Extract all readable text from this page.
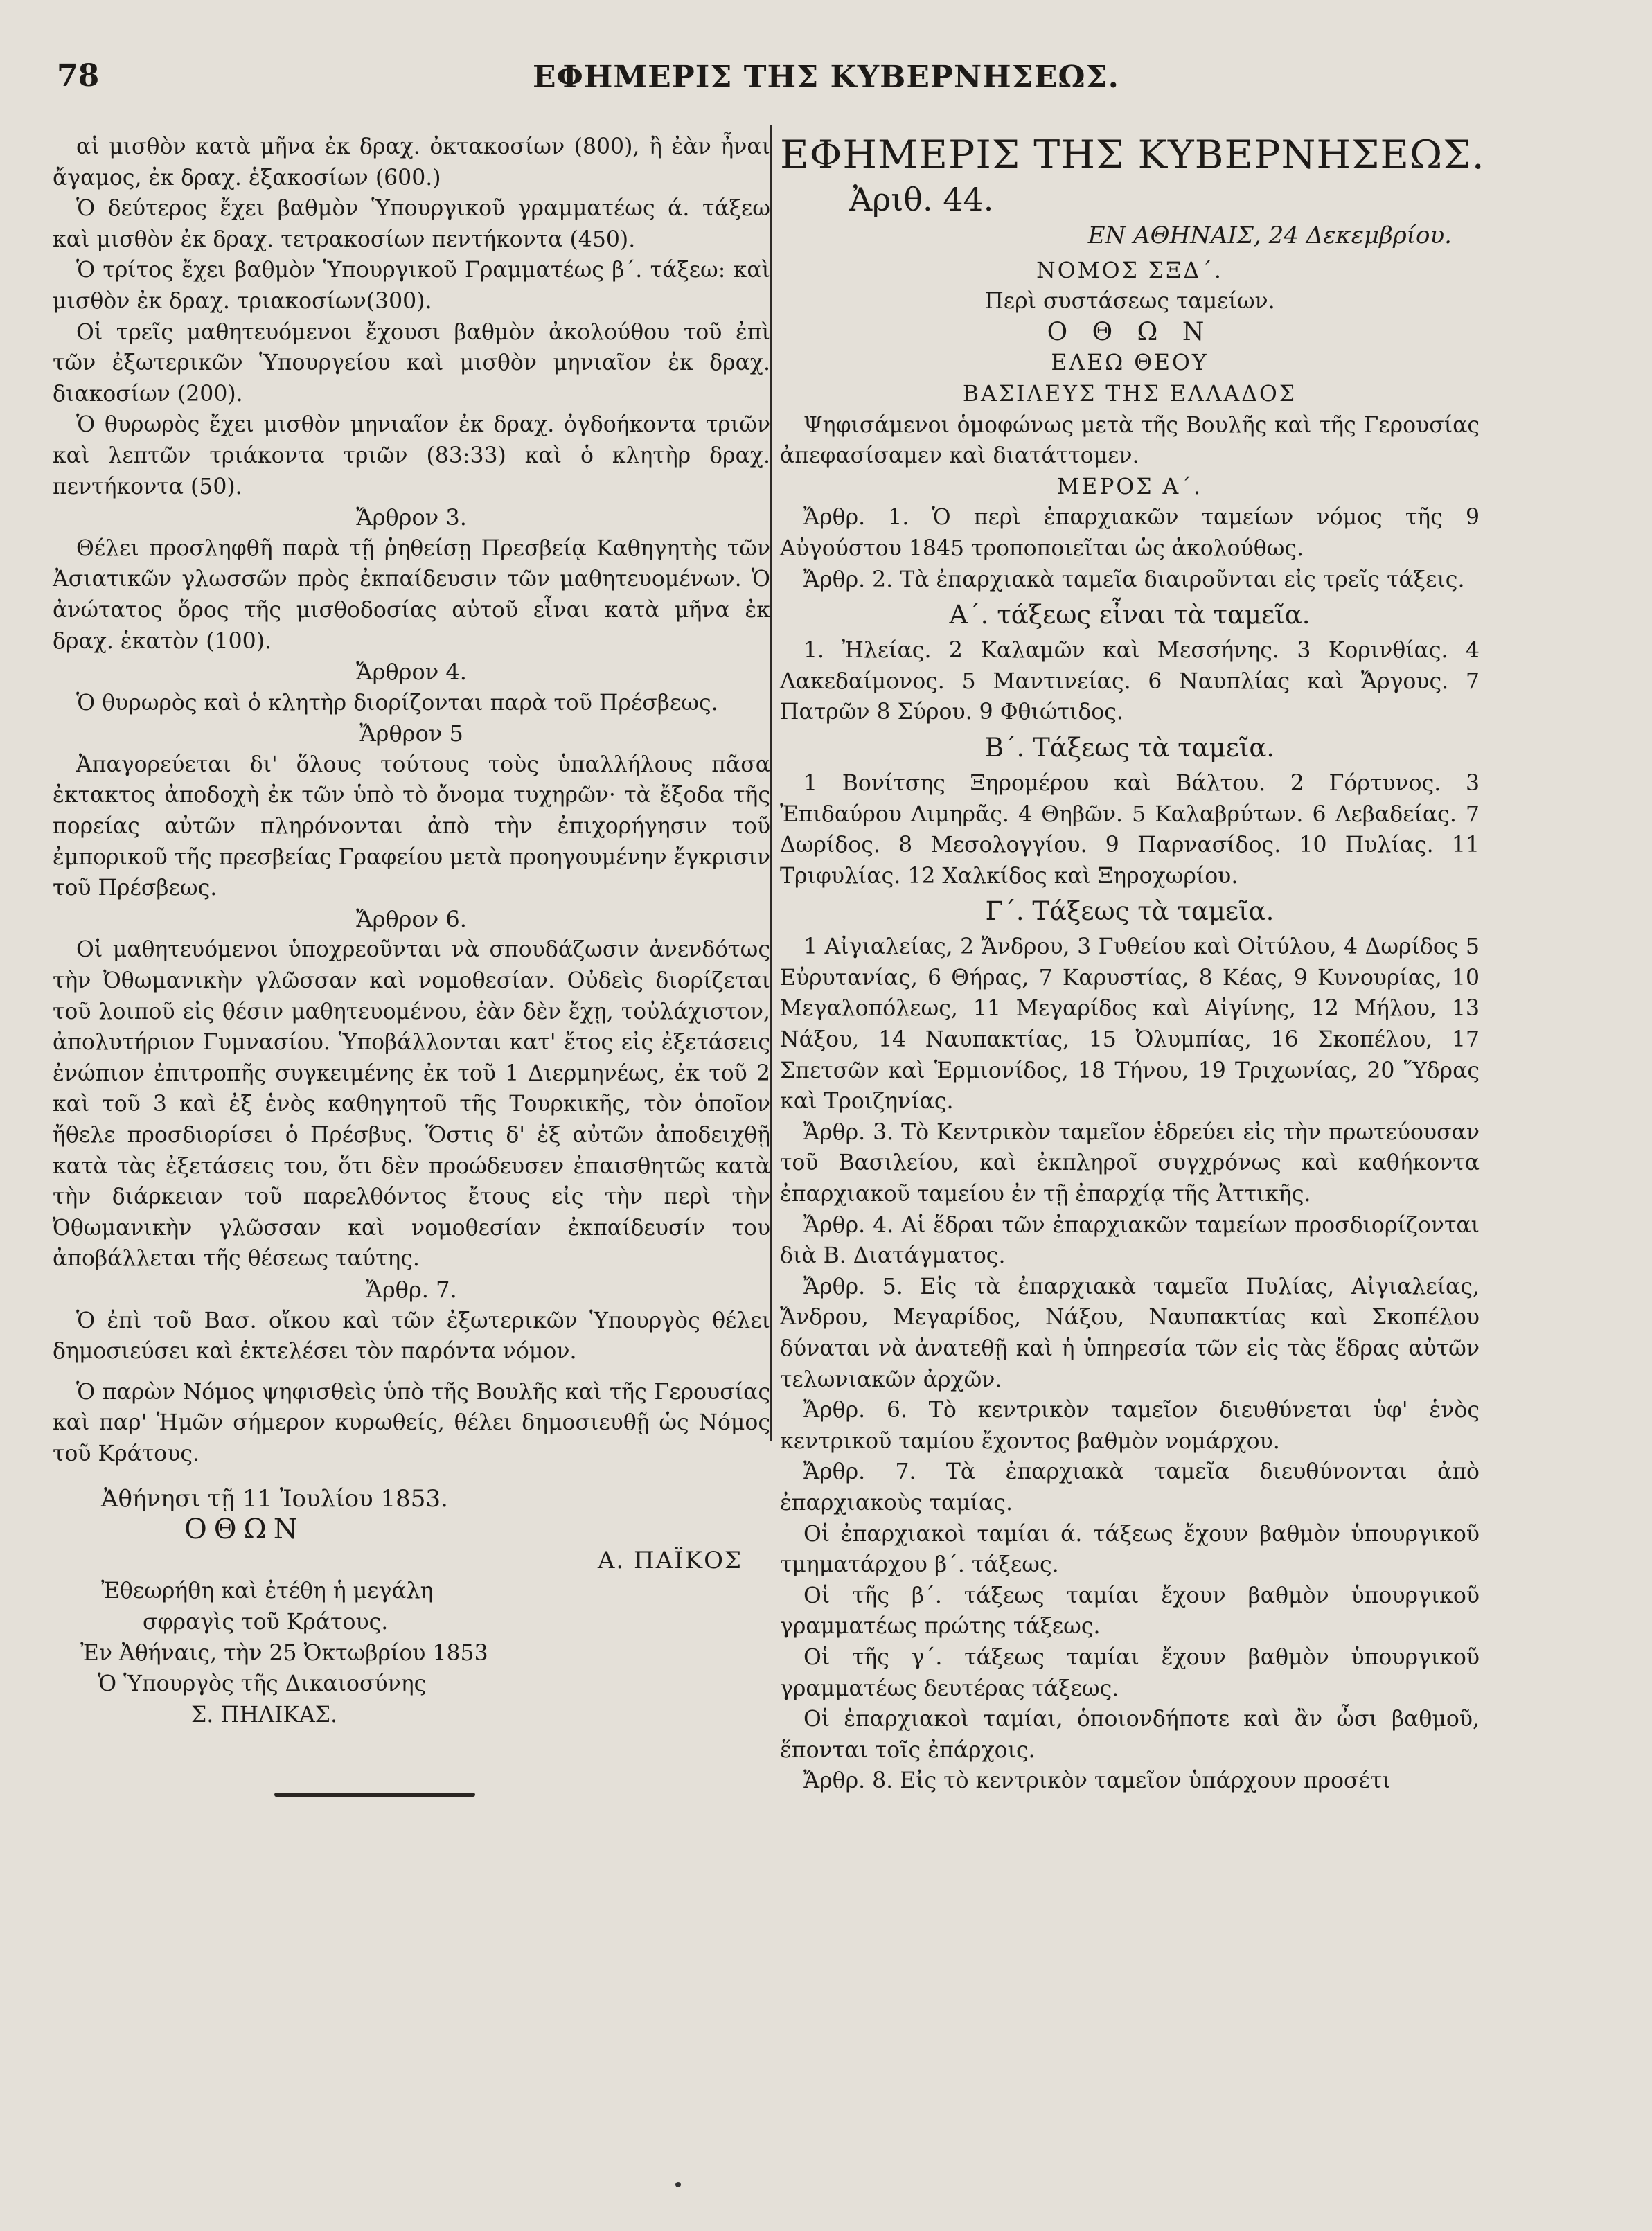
78	ΕΦΗΜΕΡΙΣ ΤΗΣ ΚΥΒΕΡΝΗΣΕΩΣ.

αἱ μισθὸν κατὰ μῆνα ἐκ δραχ. ὀκτακοσίων (800), ἢ ἐὰν ἦναι ἄγαμος, ἐκ δραχ. ἑξακοσίων (600.)

Ὁ δεύτερος ἔχει βαθμὸν Ὑπουργικοῦ γραμματέως ά. τάξεω καὶ μισθὸν ἐκ δραχ. τετρακοσίων πεντήκοντα (450).

Ὁ τρίτος ἔχει βαθμὸν Ὑπουργικοῦ Γραμματέως β΄. τάξεω: καὶ μισθὸν ἐκ δραχ. τριακοσίων(300).

Οἱ τρεῖς μαθητευόμενοι ἔχουσι βαθμὸν ἀκολούθου τοῦ ἐπὶ τῶν ἐξωτερικῶν Ὑπουργείου καὶ μισθὸν μηνιαῖον ἐκ δραχ. διακοσίων (200).

Ὁ θυρωρὸς ἔχει μισθὸν μηνιαῖον ἐκ δραχ. ὀγδοήκοντα τριῶν καὶ λεπτῶν τριάκοντα τριῶν (83:33) καὶ ὁ κλητὴρ δραχ. πεντήκοντα (50).

Ἄρθρον 3.

Θέλει προσληφθῆ παρὰ τῇ ῥηθείσῃ Πρεσβείᾳ Καθηγητὴς τῶν Ἀσιατικῶν γλωσσῶν πρὸς ἐκπαίδευσιν τῶν μαθητευομένων. Ὁ ἀνώτατος ὅρος τῆς μισθοδοσίας αὐτοῦ εἶναι κατὰ μῆνα ἐκ δραχ. ἑκατὸν (100).

Ἄρθρον 4.

Ὁ θυρωρὸς καὶ ὁ κλητὴρ διορίζονται παρὰ τοῦ Πρέσβεως.

Ἄρθρον 5

Ἀπαγορεύεται δι' ὅλους τούτους τοὺς ὑπαλλήλους πᾶσα ἐκτακτος ἀποδοχὴ ἐκ τῶν ὑπὸ τὸ ὄνομα τυχηρῶν· τὰ ἔξοδα τῆς πορείας αὐτῶν πληρόνονται ἀπὸ τὴν ἐπιχορήγησιν τοῦ ἐμπορικοῦ τῆς πρεσβείας Γραφείου μετὰ προηγουμένην ἔγκρισιν τοῦ Πρέσβεως.

Ἄρθρον 6.

Οἱ μαθητευόμενοι ὑποχρεοῦνται νὰ σπουδάζωσιν ἀνενδότως τὴν Ὀθωμανικὴν γλῶσσαν καὶ νομοθεσίαν. Οὐδεὶς διορίζεται τοῦ λοιποῦ εἰς θέσιν μαθητευομένου, ἐὰν δὲν ἔχῃ, τοὐλάχιστον, ἀπολυτήριον Γυμνασίου. Ὑποβάλλονται κατ' ἔτος εἰς ἐξετάσεις ἐνώπιον ἐπιτροπῆς συγκειμένης ἐκ τοῦ 1 Διερμηνέως, ἐκ τοῦ 2 καὶ τοῦ 3 καὶ ἐξ ἑνὸς καθηγητοῦ τῆς Τουρκικῆς, τὸν ὁποῖον ἤθελε προσδιορίσει ὁ Πρέσβυς. Ὅστις δ' ἐξ αὐτῶν ἀποδειχθῇ κατὰ τὰς ἐξετάσεις του, ὅτι δὲν προώδευσεν ἐπαισθητῶς κατὰ τὴν διάρκειαν τοῦ παρελθόντος ἔτους εἰς τὴν περὶ τὴν Ὀθωμανικὴν γλῶσσαν καὶ νομοθεσίαν ἐκπαίδευσίν του ἀποβάλλεται τῆς θέσεως ταύτης.

Ἄρθρ. 7.

Ὁ ἐπὶ τοῦ Βασ. οἴκου καὶ τῶν ἐξωτερικῶν Ὑπουργὸς θέλει δημοσιεύσει καὶ ἐκτελέσει τὸν παρόντα νόμον.

Ὁ παρὼν Νόμος ψηφισθεὶς ὑπὸ τῆς Βουλῆς καὶ τῆς Γερουσίας καὶ παρ' Ἡμῶν σήμερον κυρωθείς, θέλει δημοσιευθῇ ὡς Νόμος τοῦ Κράτους.

Ἀθήνησι τῇ 11 Ἰουλίου 1853.

ΟΘΩΝ

Α. ΠΑΪΚΟΣ

Ἐθεωρήθη καὶ ἐτέθη ἡ μεγάλη

σφραγὶς τοῦ Κράτους.

Ἐν Ἀθήναις, τὴν 25 Ὀκτωβρίου 1853

Ὁ Ὑπουργὸς τῆς Δικαιοσύνης

Σ. ΠΗΛΙΚΑΣ.

ΕΦΗΜΕΡΙΣ ΤΗΣ ΚΥΒΕΡΝΗΣΕΩΣ.

Ἀριθ. 44.

ΕΝ ΑΘΗΝΑΙΣ, 24 Δεκεμβρίου.

ΝΟΜΟΣ ΣΞΔ΄.

Περὶ συστάσεως ταμείων.

Ο Θ Ω Ν

ΕΛΕΩ ΘΕΟΥ

ΒΑΣΙΛΕΥΣ ΤΗΣ ΕΛΛΑΔΟΣ

Ψηφισάμενοι ὁμοφώνως μετὰ τῆς Βουλῆς καὶ τῆς Γερουσίας ἀπεφασίσαμεν καὶ διατάττομεν.

ΜΕΡΟΣ Α΄.

Ἄρθρ. 1. Ὁ περὶ ἐπαρχιακῶν ταμείων νόμος τῆς 9 Αὐγούστου 1845 τροποποιεῖται ὡς ἀκολούθως.

Ἄρθρ. 2. Τὰ ἐπαρχιακὰ ταμεῖα διαιροῦνται εἰς τρεῖς τάξεις.

Α΄. τάξεως εἶναι τὰ ταμεῖα.

1. Ἠλείας. 2 Καλαμῶν καὶ Μεσσήνης. 3 Κορινθίας. 4 Λακεδαίμονος. 5 Μαντινείας. 6 Ναυπλίας καὶ Ἄργους. 7 Πατρῶν 8 Σύρου. 9 Φθιώτιδος.

Β΄. Τάξεως τὰ ταμεῖα.

1 Βονίτσης Ξηρομέρου καὶ Βάλτου. 2 Γόρτυνος. 3 Ἐπιδαύρου Λιμηρᾶς. 4 Θηβῶν. 5 Καλαβρύτων. 6 Λεβαδείας. 7 Δωρίδος. 8 Μεσολογγίου. 9 Παρνασίδος. 10 Πυλίας. 11 Τριφυλίας. 12 Χαλκίδος καὶ Ξηροχωρίου.

Γ΄. Τάξεως τὰ ταμεῖα.

1 Αἰγιαλείας, 2 Ἄνδρου, 3 Γυθείου καὶ Οἰτύλου, 4 Δωρίδος 5 Εὐρυτανίας, 6 Θήρας, 7 Καρυστίας, 8 Κέας, 9 Κυνουρίας, 10 Μεγαλοπόλεως, 11 Μεγαρίδος καὶ Αἰγίνης, 12 Μήλου, 13 Νάξου, 14 Ναυπακτίας, 15 Ὀλυμπίας, 16 Σκοπέλου, 17 Σπετσῶν καὶ Ἑρμιονίδος, 18 Τήνου, 19 Τριχωνίας, 20 Ὕδρας καὶ Τροιζηνίας.

Ἄρθρ. 3. Τὸ Κεντρικὸν ταμεῖον ἑδρεύει εἰς τὴν πρωτεύουσαν τοῦ Βασιλείου, καὶ ἐκπληροῖ συγχρόνως καὶ καθήκοντα ἐπαρχιακοῦ ταμείου ἐν τῇ ἐπαρχίᾳ τῆς Ἀττικῆς.

Ἄρθρ. 4. Αἱ ἕδραι τῶν ἐπαρχιακῶν ταμείων προσδιορίζονται διὰ Β. Διατάγματος.

Ἄρθρ. 5. Εἰς τὰ ἐπαρχιακὰ ταμεῖα Πυλίας, Αἰγιαλείας, Ἄνδρου, Μεγαρίδος, Νάξου, Ναυπακτίας καὶ Σκοπέλου δύναται νὰ ἀνατεθῇ καὶ ἡ ὑπηρεσία τῶν εἰς τὰς ἕδρας αὐτῶν τελωνιακῶν ἀρχῶν.

Ἄρθρ. 6. Τὸ κεντρικὸν ταμεῖον διευθύνεται ὑφ' ἑνὸς κεντρικοῦ ταμίου ἔχοντος βαθμὸν νομάρχου.

Ἄρθρ. 7. Τὰ ἐπαρχιακὰ ταμεῖα διευθύνονται ἀπὸ ἐπαρχιακοὺς ταμίας.

Οἱ ἐπαρχιακοὶ ταμίαι ά. τάξεως ἔχουν βαθμὸν ὑπουργικοῦ τμηματάρχου β΄. τάξεως.

Οἱ τῆς β΄. τάξεως ταμίαι ἔχουν βαθμὸν ὑπουργικοῦ γραμματέως πρώτης τάξεως.

Οἱ τῆς γ΄. τάξεως ταμίαι ἔχουν βαθμὸν ὑπουργικοῦ γραμματέως δευτέρας τάξεως.

Οἱ ἐπαρχιακοὶ ταμίαι, ὁποιονδήποτε καὶ ἂν ὦσι βαθμοῦ, ἕπονται τοῖς ἐπάρχοις.

Ἄρθρ. 8. Εἰς τὸ κεντρικὸν ταμεῖον ὑπάρχουν προσέτι
